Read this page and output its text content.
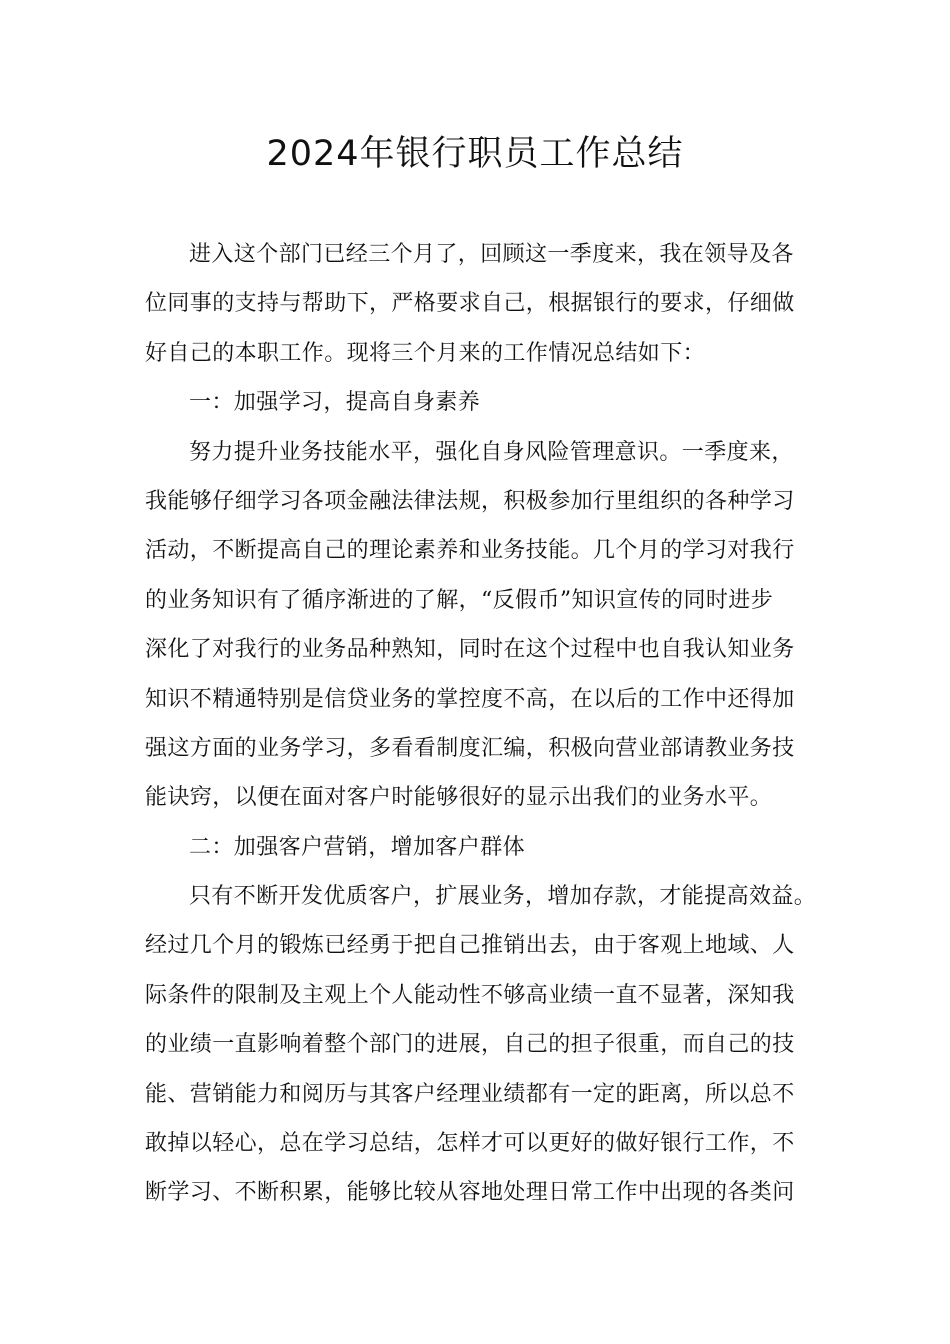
2024年银行职员工作总结
进入这个部门已经三个月了，回顾这一季度来，我在领导及各
位同事的支持与帮助下，严格要求自己，根据银行的要求，仔细做
好自己的本职工作。现将三个月来的工作情况总结如下：
一：加强学习，提高自身素养
努力提升业务技能水平，强化自身风险管理意识。一季度来，
我能够仔细学习各项金融法律法规，积极参加行里组织的各种学习
活动，不断提高自己的理论素养和业务技能。几个月的学习对我行
的业务知识有了循序渐进的了解，“反假币”知识宣传的同时进步
深化了对我行的业务品种熟知，同时在这个过程中也自我认知业务
知识不精通特别是信贷业务的掌控度不高，在以后的工作中还得加
强这方面的业务学习，多看看制度汇编，积极向营业部请教业务技
能诀窍，以便在面对客户时能够很好的显示出我们的业务水平。
二：加强客户营销，增加客户群体
只有不断开发优质客户，扩展业务，增加存款，才能提高效益。
经过几个月的锻炼已经勇于把自己推销出去，由于客观上地域、人
际条件的限制及主观上个人能动性不够高业绩一直不显著，深知我
的业绩一直影响着整个部门的进展，自己的担子很重，而自己的技
能、营销能力和阅历与其客户经理业绩都有一定的距离，所以总不
敢掉以轻心，总在学习总结，怎样才可以更好的做好银行工作，不
断学习、不断积累，能够比较从容地处理日常工作中出现的各类问
